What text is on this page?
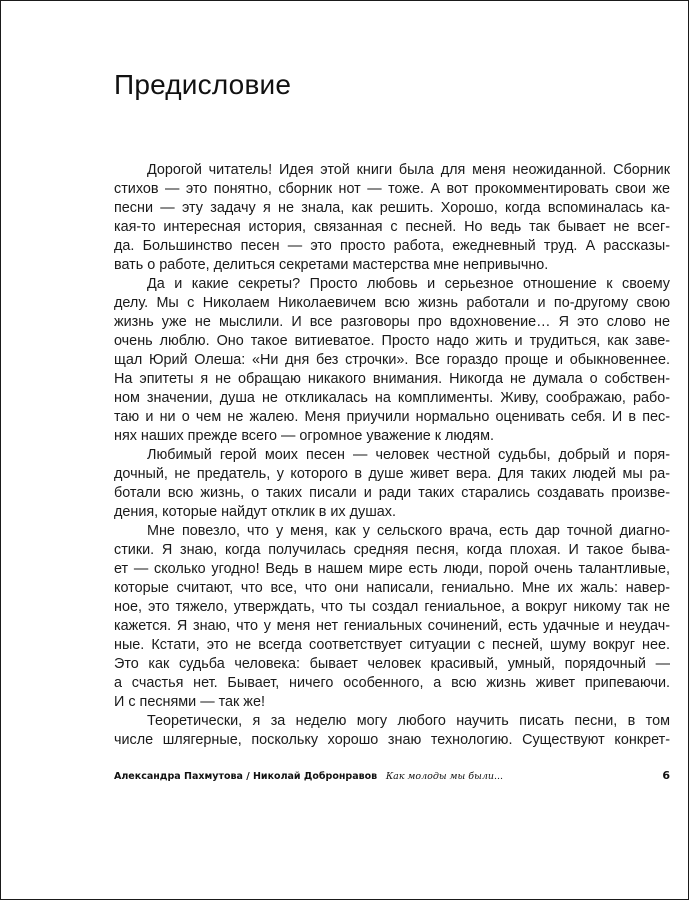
Предисловие
Дорогой читатель! Идея этой книги была для меня неожиданной. Сборник
стихов — это понятно, сборник нот — тоже. А вот прокомментировать свои же
песни — эту задачу я не знала, как решить. Хорошо, когда вспоминалась ка-
кая-то интересная история, связанная с песней. Но ведь так бывает не всег-
да. Большинство песен — это просто работа, ежедневный труд. А рассказы-
вать о работе, делиться секретами мастерства мне непривычно.
Да и какие секреты? Просто любовь и серьезное отношение к своему
делу. Мы с Николаем Николаевичем всю жизнь работали и по-другому свою
жизнь уже не мыслили. И все разговоры про вдохновение… Я это слово не
очень люблю. Оно такое витиеватое. Просто надо жить и трудиться, как заве-
щал Юрий Олеша: «Ни дня без строчки». Все гораздо проще и обыкновеннее.
На эпитеты я не обращаю никакого внимания. Никогда не думала о собствен-
ном значении, душа не откликалась на комплименты. Живу, соображаю, рабо-
таю и ни о чем не жалею. Меня приучили нормально оценивать себя. И в пес-
нях наших прежде всего — огромное уважение к людям.
Любимый герой моих песен — человек честной судьбы, добрый и поря-
дочный, не предатель, у которого в душе живет вера. Для таких людей мы ра-
ботали всю жизнь, о таких писали и ради таких старались создавать произве-
дения, которые найдут отклик в их душах.
Мне повезло, что у меня, как у сельского врача, есть дар точной диагно-
стики. Я знаю, когда получилась средняя песня, когда плохая. И такое быва-
ет — сколько угодно! Ведь в нашем мире есть люди, порой очень талантливые,
которые считают, что все, что они написали, гениально. Мне их жаль: навер-
ное, это тяжело, утверждать, что ты создал гениальное, а вокруг никому так не
кажется. Я знаю, что у меня нет гениальных сочинений, есть удачные и неудач-
ные. Кстати, это не всегда соответствует ситуации с песней, шуму вокруг нее.
Это как судьба человека: бывает человек красивый, умный, порядочный —
а счастья нет. Бывает, ничего особенного, а всю жизнь живет припеваючи.
И с песнями — так же!
Теоретически, я за неделю могу любого научить писать песни, в том
числе шлягерные, поскольку хорошо знаю технологию. Существуют конкрет-
Александра Пахмутова / Николай Добронравов Как молоды мы были...	6
